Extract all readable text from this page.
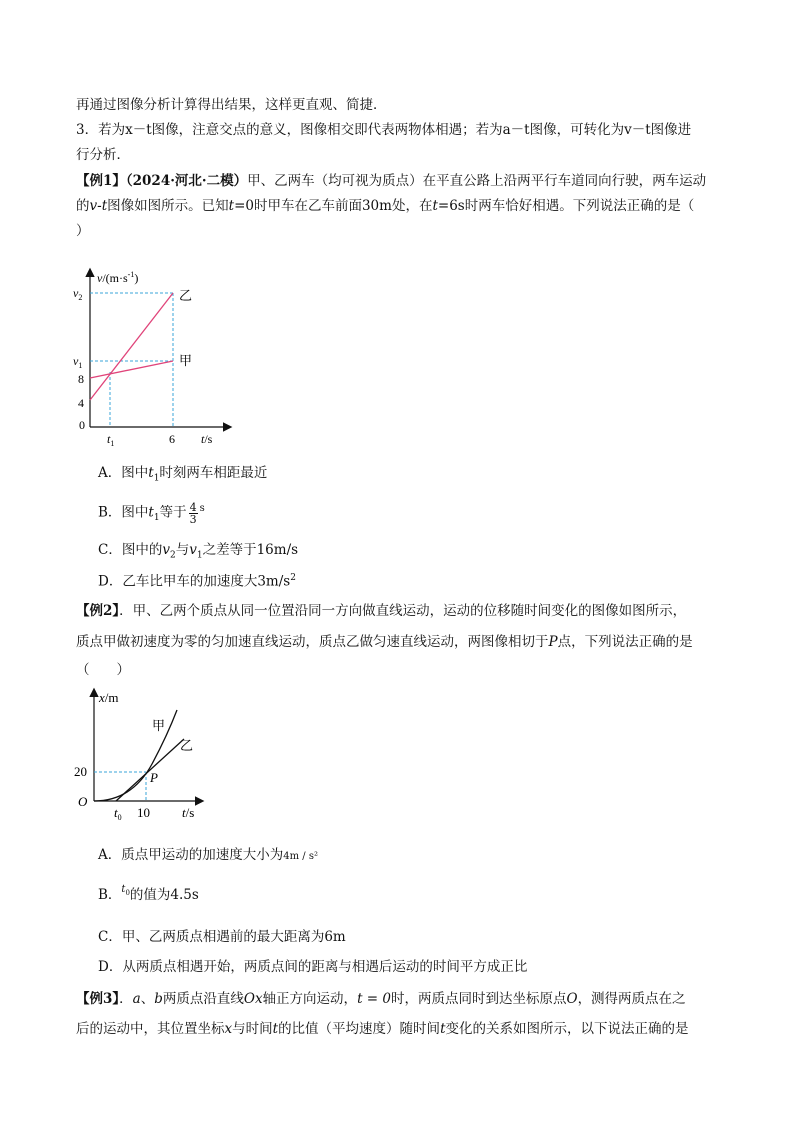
再通过图像分析计算得出结果，这样更直观、简捷．
3．若为x－t图像，注意交点的意义，图像相交即代表两物体相遇；若为a－t图像，可转化为v－t图像进
行分析．
【例1】（2024·河北·二模）甲、乙两车（均可视为质点）在平直公路上沿两平行车道同向行驶，两车运动
的v-t图像如图所示。已知t=0时甲车在乙车前面30m处，在t=6s时两车恰好相遇。下列说法正确的是（
）
$v/(m\cdot s^{-1})$
$v_2$
$v_1$
8
4
0
$t_1$	6 t/s
乙
甲
A．图中$t_1$时刻两车相距最近
B．图中$t_1$等于 $\frac{4}{3} ^s$
C．图中的$v_2$与$v_1$之差等于16m/s
D．乙车比甲车的加速度大$3m/s^2$
【例2】．甲、乙两个质点从同一位置沿同一方向做直线运动，运动的位移随时间变化的图像如图所示，
质点甲做初速度为零的匀加速直线运动，质点乙做匀速直线运动，两图像相切于P点，下列说法正确的是
（　　）
x/m
20
O
$t_0$ 10 t/s
P
甲
乙
A．质点甲运动的加速度大小为4m / s²
B．$^{t_0}$的值为4.5s
C．甲、乙两质点相遇前的最大距离为6m
D．从两质点相遇开始，两质点间的距离与相遇后运动的时间平方成正比
【例3】．a、b两质点沿直线Ox轴正方向运动，t = 0时，两质点同时到达坐标原点O，测得两质点在之
后的运动中，其位置坐标x与时间t的比值（平均速度）随时间t变化的关系如图所示，以下说法正确的是
